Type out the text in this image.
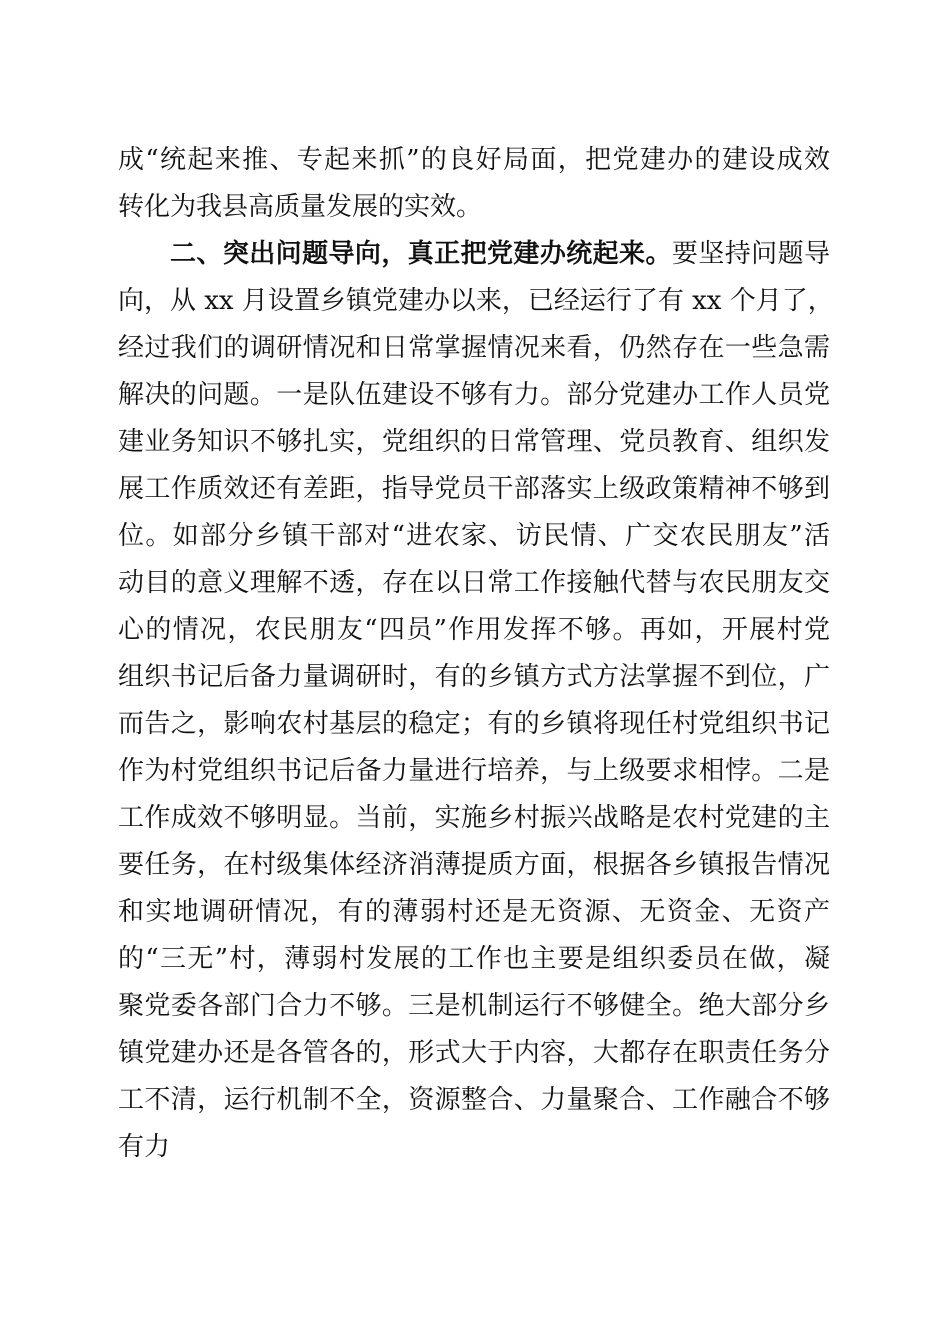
成“统起来推、专起来抓”的良好局面，把党建办的建设成效
转化为我县高质量发展的实效。
二、突出问题导向，真正把党建办统起来。要坚持问题导
向，从 xx 月设置乡镇党建办以来，已经运行了有 xx 个月了，
经过我们的调研情况和日常掌握情况来看，仍然存在一些急需
解决的问题。一是队伍建设不够有力。部分党建办工作人员党
建业务知识不够扎实，党组织的日常管理、党员教育、组织发
展工作质效还有差距，指导党员干部落实上级政策精神不够到
位。如部分乡镇干部对“进农家、访民情、广交农民朋友”活
动目的意义理解不透，存在以日常工作接触代替与农民朋友交
心的情况，农民朋友“四员”作用发挥不够。再如，开展村党
组织书记后备力量调研时，有的乡镇方式方法掌握不到位，广
而告之，影响农村基层的稳定；有的乡镇将现任村党组织书记
作为村党组织书记后备力量进行培养，与上级要求相悖。二是
工作成效不够明显。当前，实施乡村振兴战略是农村党建的主
要任务，在村级集体经济消薄提质方面，根据各乡镇报告情况
和实地调研情况，有的薄弱村还是无资源、无资金、无资产
的“三无”村，薄弱村发展的工作也主要是组织委员在做，凝
聚党委各部门合力不够。三是机制运行不够健全。绝大部分乡
镇党建办还是各管各的，形式大于内容，大都存在职责任务分
工不清，运行机制不全，资源整合、力量聚合、工作融合不够
有力
